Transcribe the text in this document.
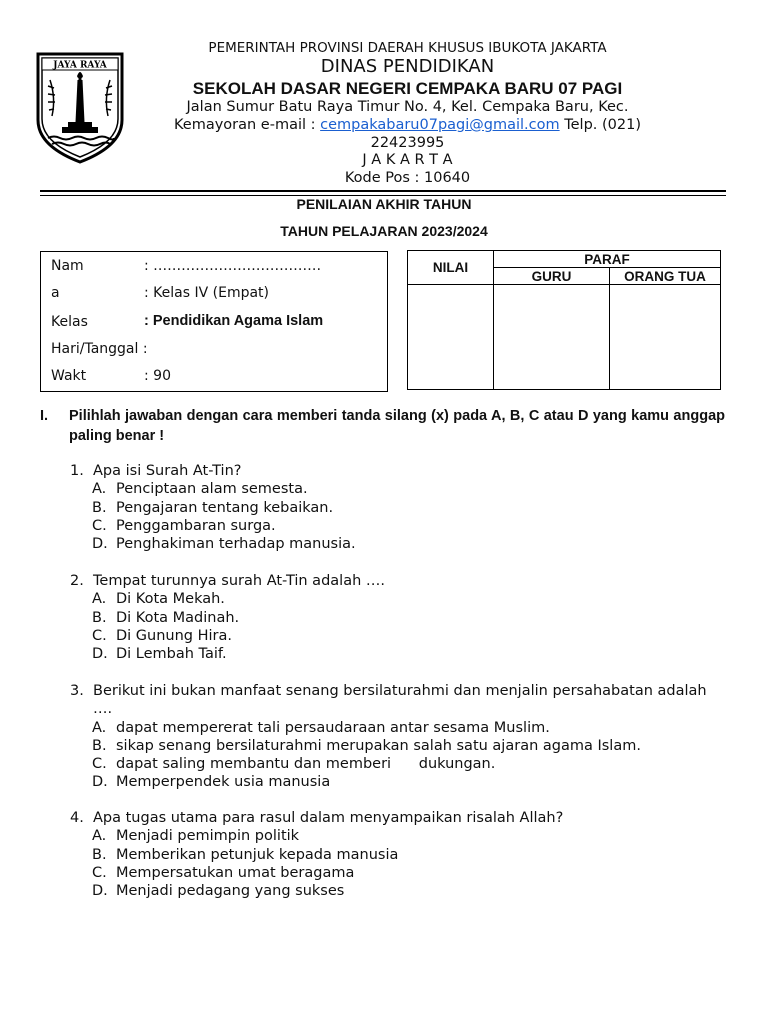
JAYA RAYA
PEMERINTAH PROVINSI DAERAH KHUSUS IBUKOTA JAKARTA
DINAS PENDIDIKAN
SEKOLAH DASAR NEGERI CEMPAKA BARU 07 PAGI
Jalan Sumur Batu Raya Timur No. 4, Kel. Cempaka Baru, Kec.
Kemayoran e-mail : cempakabaru07pagi@gmail.com Telp. (021)
22423995
J A K A R T A
Kode Pos : 10640
PENILAIAN AKHIR TAHUN
TAHUN PELAJARAN 2023/2024
Nam	: ………………………………
a	: Kelas IV (Empat)
Kelas	: Pendidikan Agama Islam
Hari/Tanggal :
Wakt	: 90
NILAI	PARAF	
	GURU	ORANG TUA

I. Pilihlah jawaban dengan cara memberi tanda silang (x) pada A, B, C atau D yang kamu anggap paling benar !
1. Apa isi Surah At-Tin?
A. Penciptaan alam semesta.
B. Pengajaran tentang kebaikan.
C. Penggambaran surga.
D. Penghakiman terhadap manusia.
2. Tempat turunnya surah At-Tin adalah ….
A. Di Kota Mekah.
B. Di Kota Madinah.
C. Di Gunung Hira.
D. Di Lembah Taif.
3. Berikut ini bukan manfaat senang bersilaturahmi dan menjalin persahabatan adalah ….
A. dapat mempererat tali persaudaraan antar sesama Muslim.
B. sikap senang bersilaturahmi merupakan salah satu ajaran agama Islam.
C. dapat saling membantu dan memberi      dukungan.
D. Memperpendek usia manusia
4. Apa tugas utama para rasul dalam menyampaikan risalah Allah?
A. Menjadi pemimpin politik
B. Memberikan petunjuk kepada manusia
C. Mempersatukan umat beragama
D. Menjadi pedagang yang sukses
